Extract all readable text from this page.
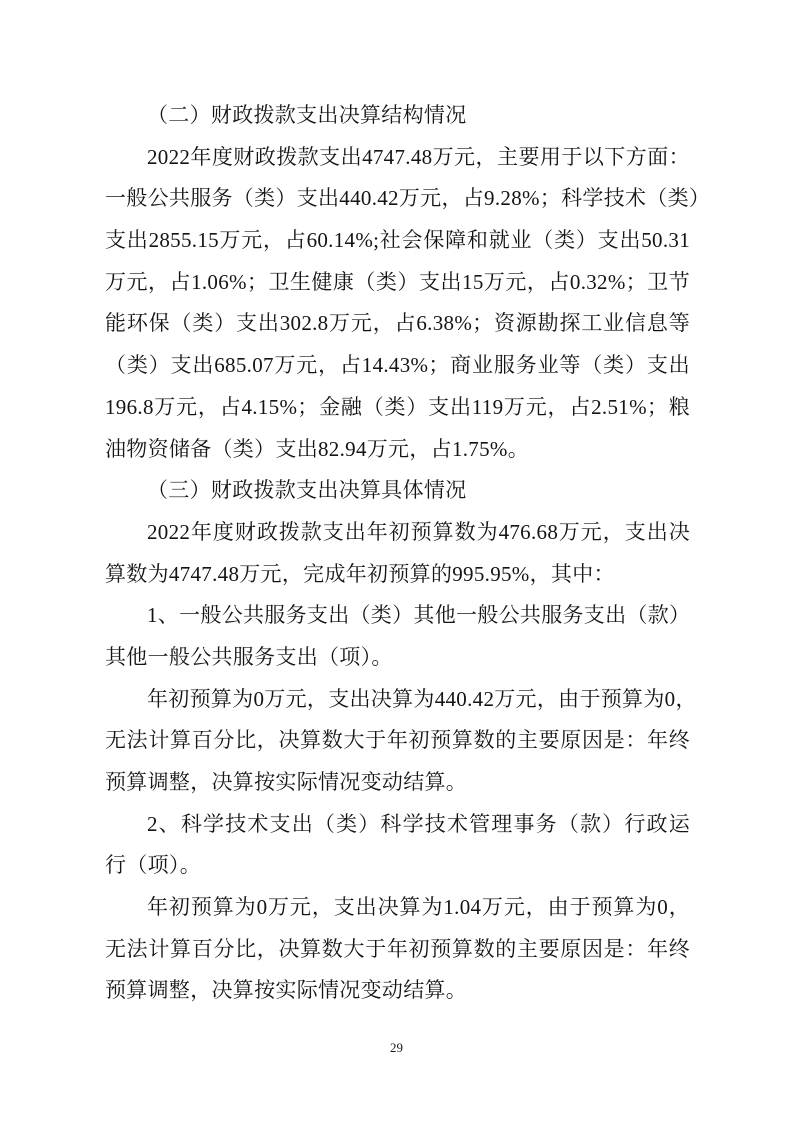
（二）财政拨款支出决算结构情况
2022年度财政拨款支出4747.48万元，主要用于以下方面：
一般公共服务（类）支出440.42万元，占9.28%；科学技术（类）
支出2855.15万元，占60.14%;社会保障和就业（类）支出50.31
万元，占1.06%；卫生健康（类）支出15万元，占0.32%；卫节
能环保（类）支出302.8万元，占6.38%；资源勘探工业信息等
（类）支出685.07万元，占14.43%；商业服务业等（类）支出
196.8万元，占4.15%；金融（类）支出119万元，占2.51%；粮
油物资储备（类）支出82.94万元，占1.75%。
（三）财政拨款支出决算具体情况
2022年度财政拨款支出年初预算数为476.68万元，支出决
算数为4747.48万元，完成年初预算的995.95%，其中：
1、一般公共服务支出（类）其他一般公共服务支出（款）
其他一般公共服务支出（项）。
年初预算为0万元，支出决算为440.42万元，由于预算为0，
无法计算百分比，决算数大于年初预算数的主要原因是：年终
预算调整，决算按实际情况变动结算。
2、科学技术支出（类）科学技术管理事务（款）行政运
行（项）。
年初预算为0万元，支出决算为1.04万元，由于预算为0，
无法计算百分比，决算数大于年初预算数的主要原因是：年终
预算调整，决算按实际情况变动结算。
29
